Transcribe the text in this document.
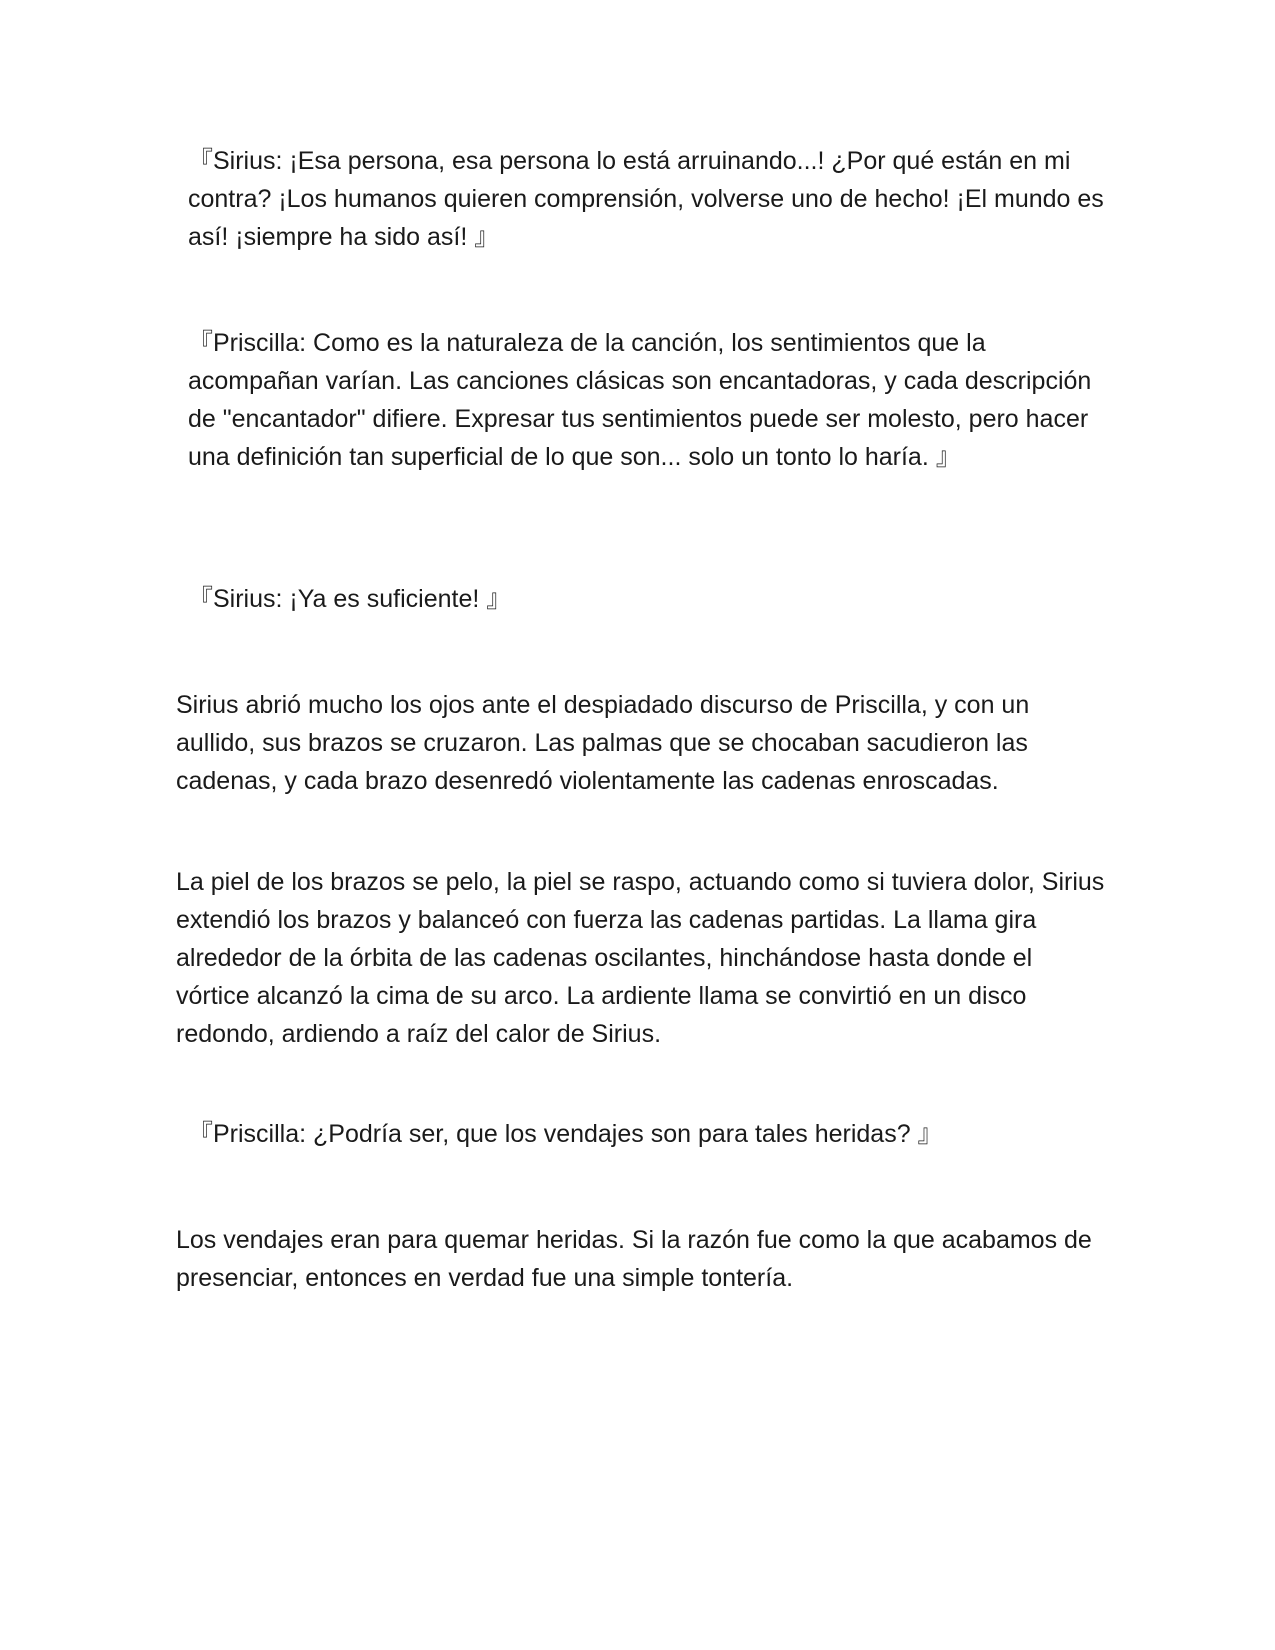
『Sirius: ¡Esa persona, esa persona lo está arruinando...! ¿Por qué están en mi contra? ¡Los humanos quieren comprensión, volverse uno de hecho! ¡El mundo es así! ¡siempre ha sido así! 』
『Priscilla: Como es la naturaleza de la canción, los sentimientos que la acompañan varían. Las canciones clásicas son encantadoras, y cada descripción de "encantador" difiere. Expresar tus sentimientos puede ser molesto, pero hacer una definición tan superficial de lo que son... solo un tonto lo haría. 』
『Sirius: ¡Ya es suficiente! 』
Sirius abrió mucho los ojos ante el despiadado discurso de Priscilla, y con un aullido, sus brazos se cruzaron. Las palmas que se chocaban sacudieron las cadenas, y cada brazo desenredó violentamente las cadenas enroscadas.
La piel de los brazos se pelo, la piel se raspo, actuando como si tuviera dolor, Sirius extendió los brazos y balanceó con fuerza las cadenas partidas. La llama gira alrededor de la órbita de las cadenas oscilantes, hinchándose hasta donde el vórtice alcanzó la cima de su arco. La ardiente llama se convirtió en un disco redondo, ardiendo a raíz del calor de Sirius.
『Priscilla: ¿Podría ser, que los vendajes son para tales heridas? 』
Los vendajes eran para quemar heridas. Si la razón fue como la que acabamos de presenciar, entonces en verdad fue una simple tontería.
